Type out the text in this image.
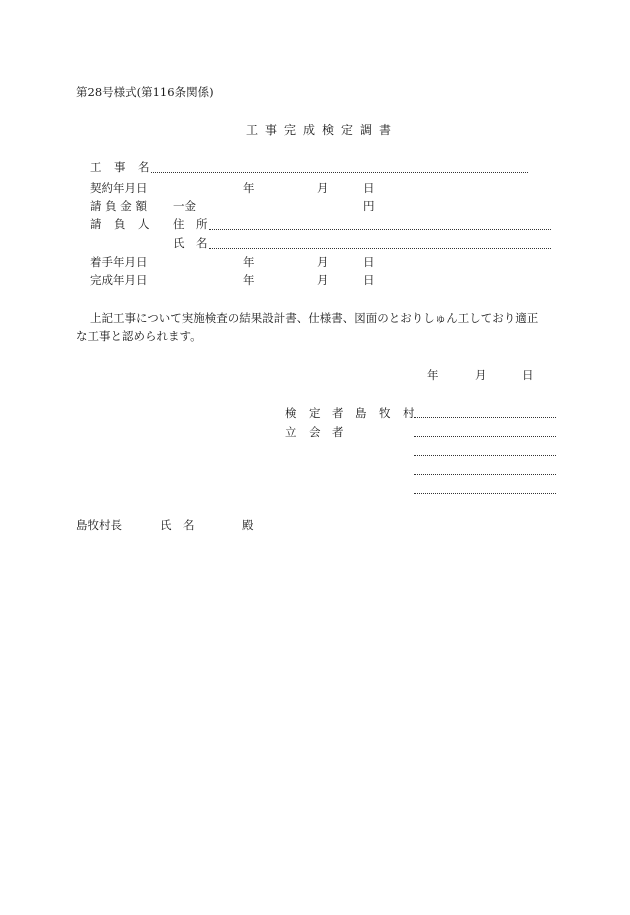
第28号様式(第116条関係)
工事完成検定調書
工 事 名
契約年月日	年	月	日
請 負 金 額 一金	円
請 負 人 住 所
氏 名
着手年月日	年	月	日
完成年月日	年	月	日
上記工事について実施検査の結果設計書、仕様書、図面のとおりしゅん工しており適正
な工事と認められます。
年	月	日
検 定 者 島 牧 村
立 会 者
島牧村長	氏 名	殿
